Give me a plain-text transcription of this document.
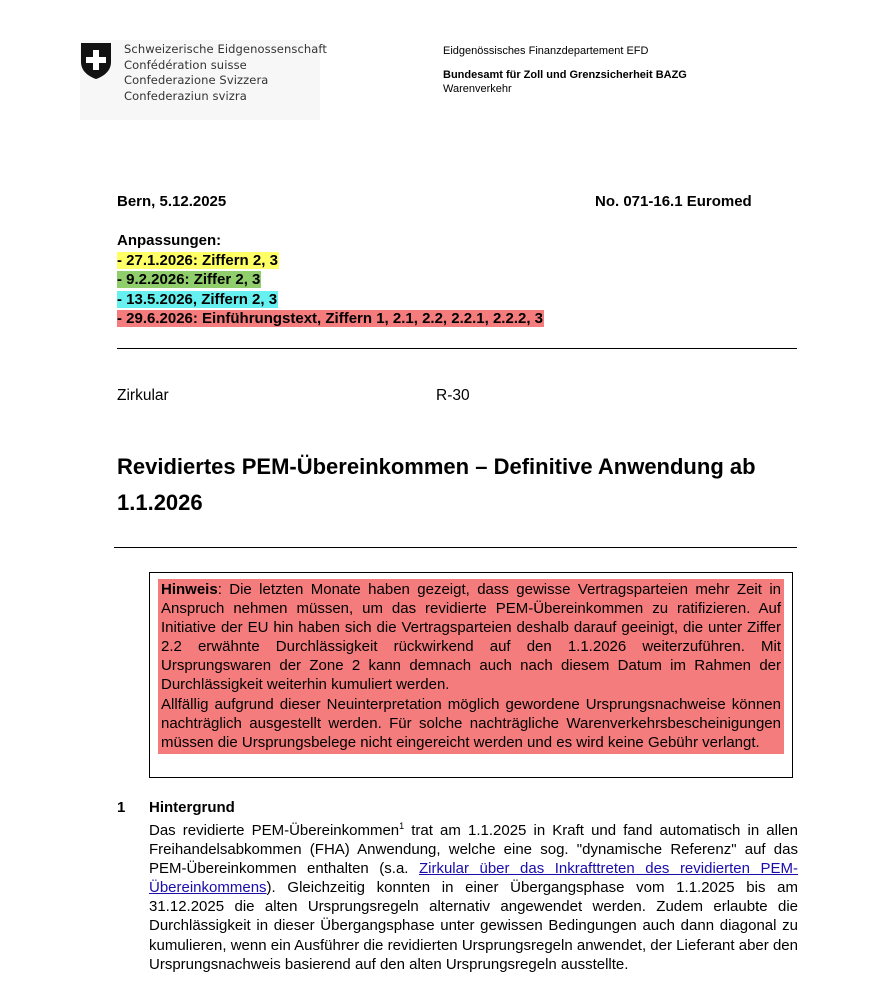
Schweizerische Eidgenossenschaft
Confédération suisse
Confederazione Svizzera
Confederaziun svizra
Eidgenössisches Finanzdepartement EFD
Bundesamt für Zoll und Grenzsicherheit BAZG
Warenverkehr
Bern, 5.12.2025	No. 071-16.1 Euromed
Anpassungen:
- 27.1.2026: Ziffern 2, 3
- 9.2.2026: Ziffer 2, 3
- 13.5.2026, Ziffern 2, 3
- 29.6.2026: Einführungstext, Ziffern 1, 2.1, 2.2, 2.2.1, 2.2.2, 3
Zirkular	R-30
Revidiertes PEM-Übereinkommen – Definitive Anwendung ab 1.1.2026

Hinweis: Die letzten Monate haben gezeigt, dass gewisse Vertragsparteien mehr Zeit in Anspruch nehmen müssen, um das revidierte PEM-Übereinkommen zu ratifizieren. Auf Initiative der EU hin haben sich die Vertragsparteien deshalb darauf geeinigt, die unter Ziffer 2.2 erwähnte Durchlässigkeit rückwirkend auf den 1.1.2026 weiterzuführen. Mit Ursprungswaren der Zone 2 kann demnach auch nach diesem Datum im Rahmen der Durchlässigkeit weiterhin kumuliert werden.

Allfällig aufgrund dieser Neuinterpretation möglich gewordene Ursprungsnachweise können nachträglich ausgestellt werden. Für solche nachträgliche Warenverkehrsbescheinigungen müssen die Ursprungsbelege nicht eingereicht werden und es wird keine Gebühr verlangt.

1 Hintergrund
Das revidierte PEM-Übereinkommen$^1$ trat am 1.1.2025 in Kraft und fand automatisch in allen Freihandelsabkommen (FHA) Anwendung, welche eine sog. "dynamische Referenz" auf das PEM-Übereinkommen enthalten (s.a. Zirkular über das Inkrafttreten des revidierten PEM-Übereinkommens). Gleichzeitig konnten in einer Übergangsphase vom 1.1.2025 bis am 31.12.2025 die alten Ursprungsregeln alternativ angewendet werden. Zudem erlaubte die Durchlässigkeit in dieser Übergangsphase unter gewissen Bedingungen auch dann diagonal zu kumulieren, wenn ein Ausführer die revidierten Ursprungsregeln anwendet, der Lieferant aber den Ursprungsnachweis basierend auf den alten Ursprungsregeln ausstellte.
